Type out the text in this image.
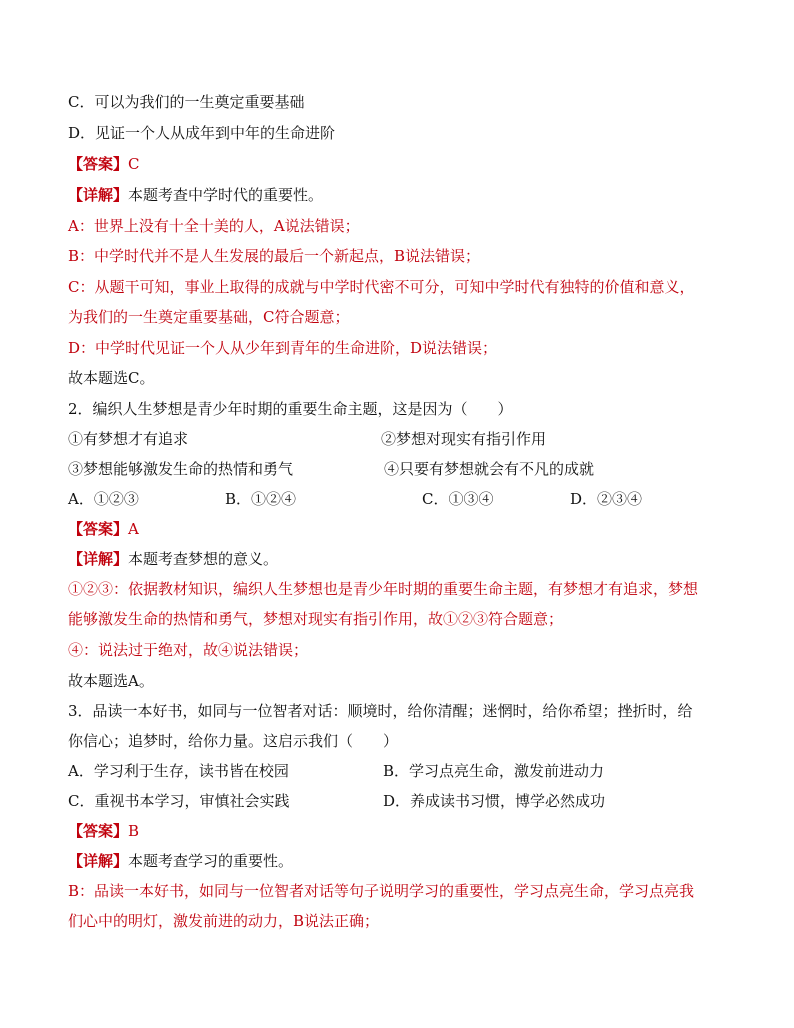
C．可以为我们的一生奠定重要基础
D．见证一个人从成年到中年的生命进阶
【答案】C
【详解】本题考查中学时代的重要性。
A：世界上没有十全十美的人，A说法错误；
B：中学时代并不是人生发展的最后一个新起点，B说法错误；
C：从题干可知，事业上取得的成就与中学时代密不可分，可知中学时代有独特的价值和意义，
为我们的一生奠定重要基础，C符合题意；
D：中学时代见证一个人从少年到青年的生命进阶，D说法错误；
故本题选C。
2．编织人生梦想是青少年时期的重要生命主题，这是因为（　　）
①有梦想才有追求	②梦想对现实有指引作用
③梦想能够激发生命的热情和勇气	④只要有梦想就会有不凡的成就
A．①②③	B．①②④	C．①③④	D．②③④
【答案】A
【详解】本题考查梦想的意义。
①②③：依据教材知识，编织人生梦想也是青少年时期的重要生命主题，有梦想才有追求，梦想
能够激发生命的热情和勇气，梦想对现实有指引作用，故①②③符合题意；
④：说法过于绝对，故④说法错误；
故本题选A。
3．品读一本好书，如同与一位智者对话：顺境时，给你清醒；迷惘时，给你希望；挫折时，给
你信心；追梦时，给你力量。这启示我们（　　）
A．学习利于生存，读书皆在校园	B．学习点亮生命，激发前进动力
C．重视书本学习，审慎社会实践	D．养成读书习惯，博学必然成功
【答案】B
【详解】本题考查学习的重要性。
B：品读一本好书，如同与一位智者对话等句子说明学习的重要性，学习点亮生命，学习点亮我
们心中的明灯，激发前进的动力，B说法正确；
